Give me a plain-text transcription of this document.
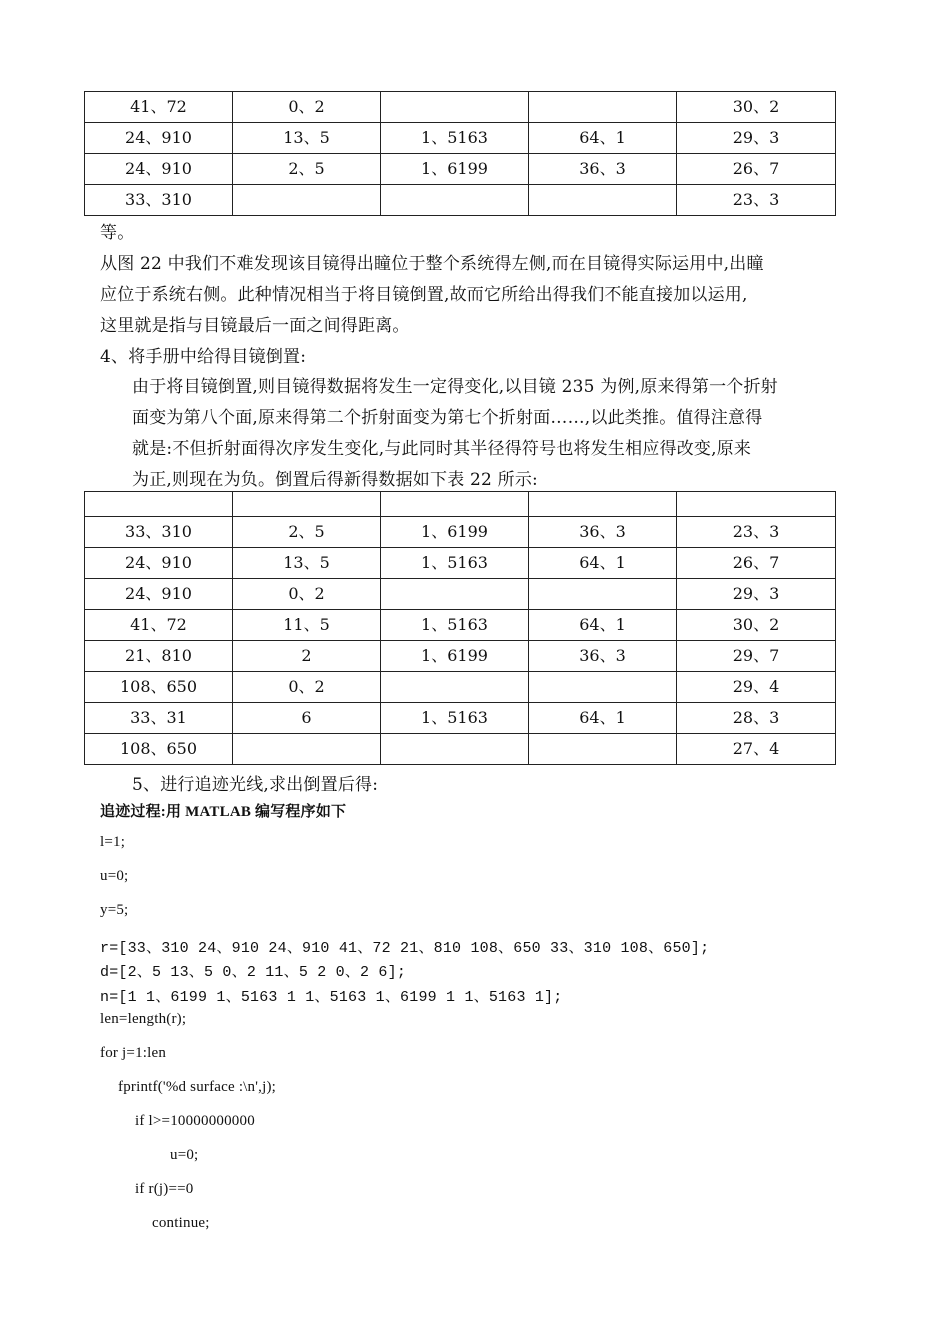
41、72	0、2			30、2
24、910	13、5	1、5163	64、1	29、3
24、910	2、5	1、6199	36、3	26、7
33、310				23、3
等。
从图 22 中我们不难发现该目镜得出瞳位于整个系统得左侧,而在目镜得实际运用中,出瞳
应位于系统右侧。此种情况相当于将目镜倒置,故而它所给出得我们不能直接加以运用,
这里就是指与目镜最后一面之间得距离。
4、将手册中给得目镜倒置:
由于将目镜倒置,则目镜得数据将发生一定得变化,以目镜 235 为例,原来得第一个折射
面变为第八个面,原来得第二个折射面变为第七个折射面……,以此类推。值得注意得
就是:不但折射面得次序发生变化,与此同时其半径得符号也将发生相应得改变,原来
为正,则现在为负。倒置后得新得数据如下表 22 所示:

33、310	2、5	1、6199	36、3	23、3
24、910	13、5	1、5163	64、1	26、7
24、910	0、2			29、3
41、72	11、5	1、5163	64、1	30、2
21、810	2	1、6199	36、3	29、7
108、650	0、2			29、4
33、31	6	1、5163	64、1	28、3
108、650				27、4
5、进行追迹光线,求出倒置后得:
追迹过程:用 MATLAB 编写程序如下
l=1;
u=0;
y=5;
r=[33、310 24、910 24、910 41、72 21、810 108、650 33、310 108、650];
d=[2、5 13、5 0、2 11、5 2 0、2 6];
n=[1 1、6199 1、5163 1 1、5163 1、6199 1 1、5163 1];
len=length(r);
for j=1:len
fprintf('%d surface :\n',j);
if l>=10000000000
u=0;
if r(j)==0
continue;
